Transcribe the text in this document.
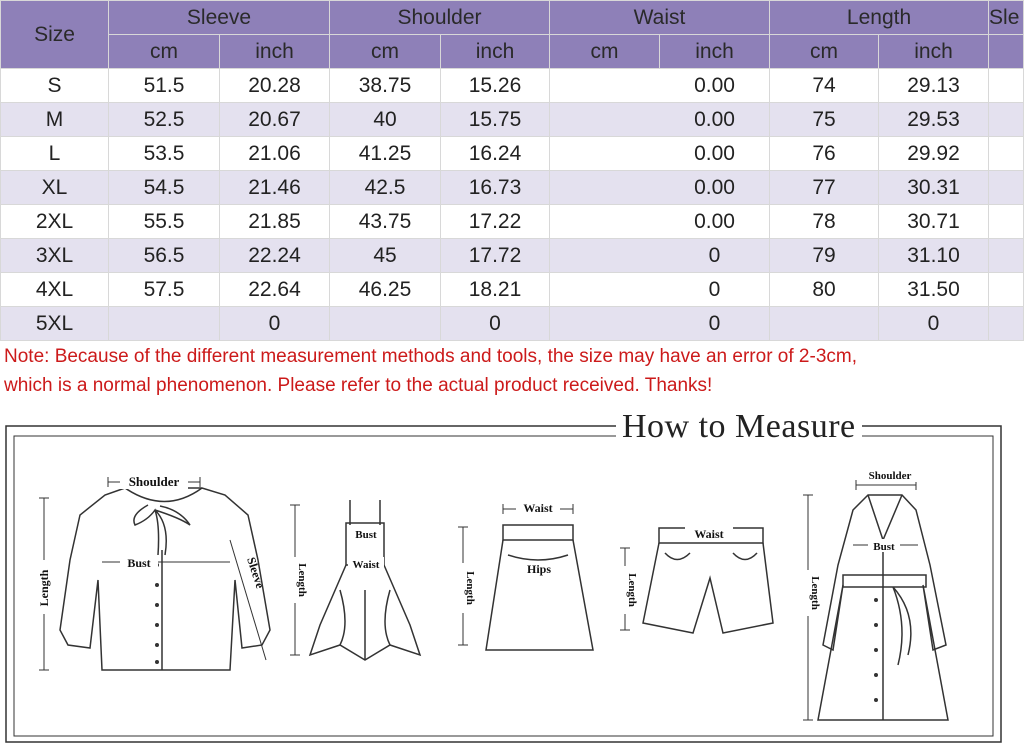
Size	Sleeve		Shoulder		Waist		Length		Sle
	cm	inch	cm	inch	cm	inch	cm	inch	
S	51.5	20.28	38.75	15.26		0.00	74	29.13	
M	52.5	20.67	40	15.75		0.00	75	29.53	
L	53.5	21.06	41.25	16.24		0.00	76	29.92	
XL	54.5	21.46	42.5	16.73		0.00	77	30.31	
2XL	55.5	21.85	43.75	17.22		0.00	78	30.71	
3XL	56.5	22.24	45	17.72		0	79	31.10	
4XL	57.5	22.64	46.25	18.21		0	80	31.50	
5XL		0		0		0		0	
Note: Because of the different measurement methods and tools, the size may have an error of 2-3cm,
which is a normal phenomenon. Please refer to the actual product received. Thanks!
How to Measure
Shoulder
Bust
Length	Sleeve
Bust
Waist
Length
Waist
Hips
Length
Waist
Length
Shoulder
Bust
Length
